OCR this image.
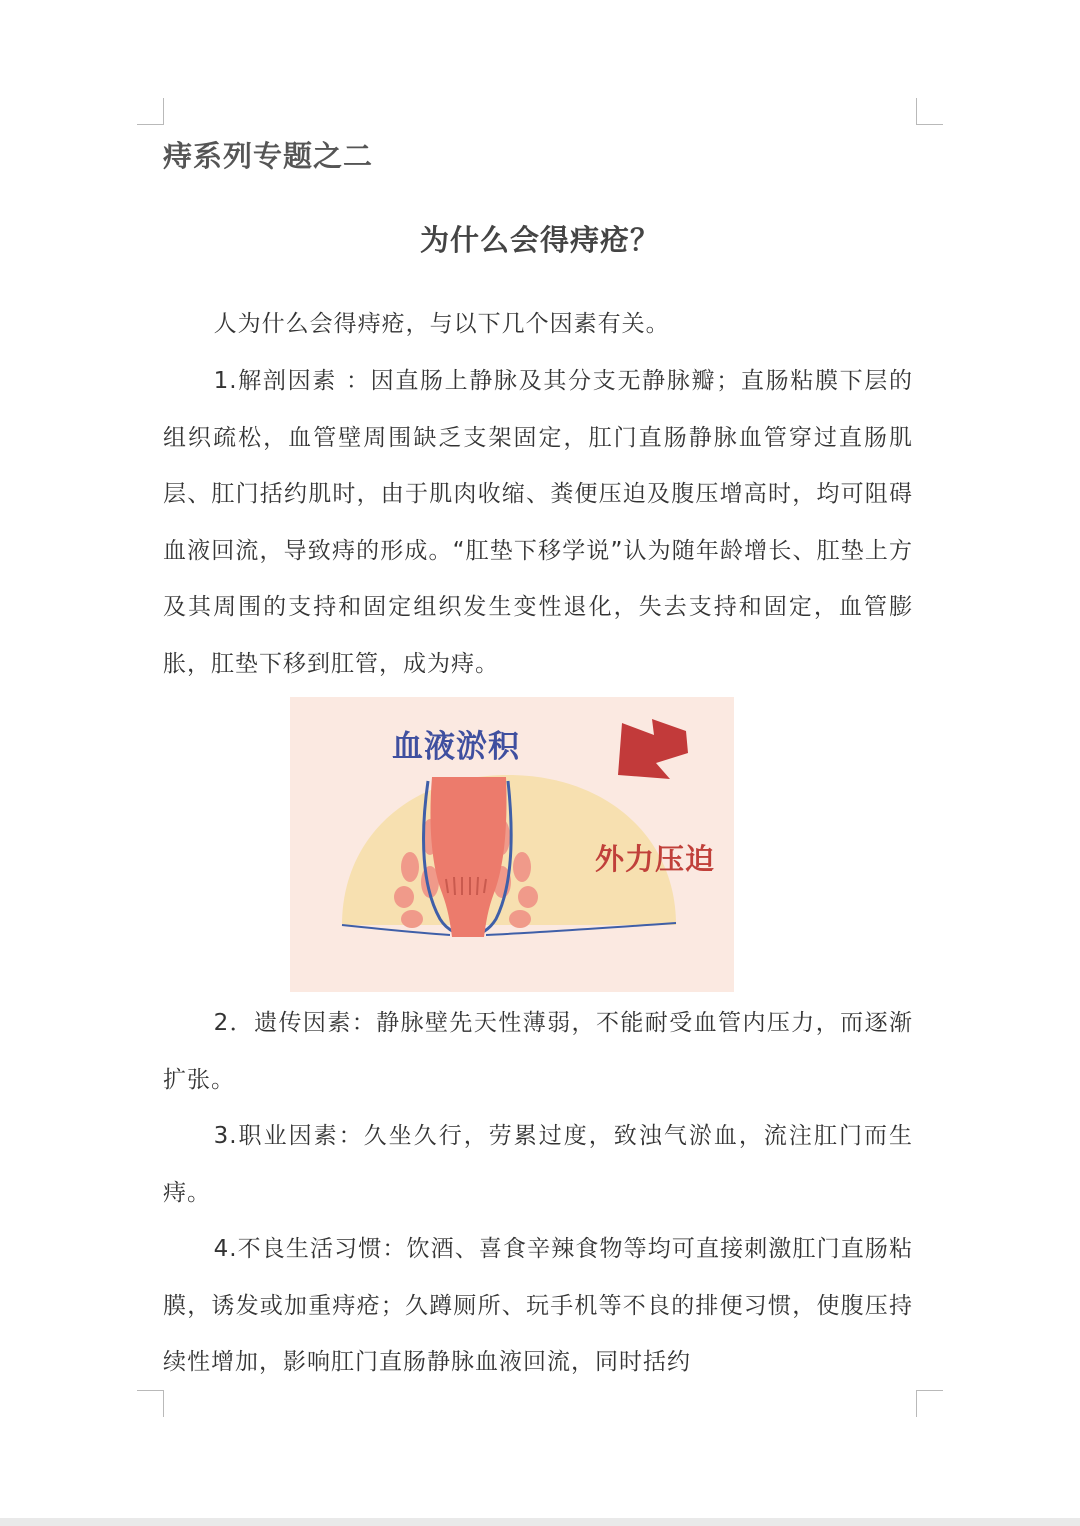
痔系列专题之二
为什么会得痔疮？

人为什么会得痔疮，与以下几个因素有关。

1.解剖因素 ：因直肠上静脉及其分支无静脉瓣；直肠粘膜下层的组织疏松，血管壁周围缺乏支架固定，肛门直肠静脉血管穿过直肠肌层、肛门括约肌时，由于肌肉收缩、粪便压迫及腹压增高时，均可阻碍血液回流，导致痔的形成。“肛垫下移学说”认为随年龄增长、肛垫上方及其周围的支持和固定组织发生变性退化，失去支持和固定，血管膨胀，肛垫下移到肛管，成为痔。

血液淤积
外力压迫

2．遗传因素：静脉壁先天性薄弱，不能耐受血管内压力，而逐渐扩张。

3.职业因素：久坐久行，劳累过度，致浊气淤血，流注肛门而生痔。

4.不良生活习惯：饮酒、喜食辛辣食物等均可直接刺激肛门直肠粘膜，诱发或加重痔疮；久蹲厕所、玩手机等不良的排便习惯，使腹压持续性增加，影响肛门直肠静脉血液回流，同时括约
